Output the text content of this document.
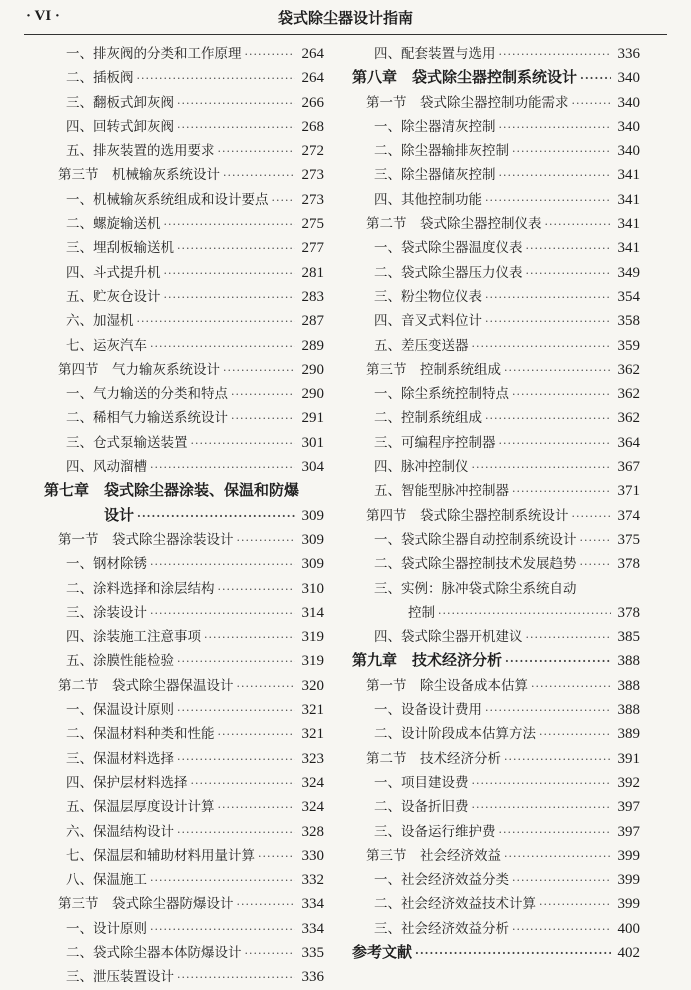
· VI ·	袋式除尘器设计指南
一、排灰阀的分类和工作原理 ·····	264
二、插板阀 ·····	264
三、翻板式卸灰阀 ·····	266
四、回转式卸灰阀 ·····	268
五、排灰装置的选用要求 ·····	272
第三节　机械输灰系统设计 ·····	273
一、机械输灰系统组成和设计要点 ····· 273
二、螺旋输送机 ·····	275
三、埋刮板输送机 ·····	277
四、斗式提升机 ·····	281
五、贮灰仓设计 ·····	283
六、加湿机 ·····	287
七、运灰汽车 ·····	289
第四节　气力输灰系统设计 ·····	290
一、气力输送的分类和特点 ·····	290
二、稀相气力输送系统设计 ·····	291
三、仓式泵输送装置 ·····	301
四、风动溜槽 ·····	304
第七章　袋式除尘器涂装、保温和防爆
设计 ·····	309
第一节　袋式除尘器涂装设计 ·····	309
一、钢材除锈 ·····	309
二、涂料选择和涂层结构 ·····	310
三、涂装设计 ·····	314
四、涂装施工注意事项 ·····	319
五、涂膜性能检验 ·····	319
第二节　袋式除尘器保温设计 ·····	320
一、保温设计原则 ·····	321
二、保温材料种类和性能 ·····	321
三、保温材料选择 ·····	323
四、保护层材料选择 ·····	324
五、保温层厚度设计计算 ·····	324
六、保温结构设计 ·····	328
七、保温层和辅助材料用量计算 ·····	330
八、保温施工 ·····	332
第三节　袋式除尘器防爆设计 ·····	334
一、设计原则 ·····	334
二、袋式除尘器本体防爆设计 ·····	335
三、泄压装置设计 ·····	336
四、配套装置与选用 ·····	336
第八章　袋式除尘器控制系统设计 ·····	340
第一节　袋式除尘器控制功能需求 ·····	340
一、除尘器清灰控制 ·····	340
二、除尘器输排灰控制 ·····	340
三、除尘器储灰控制 ·····	341
四、其他控制功能 ·····	341
第二节　袋式除尘器控制仪表 ·····	341
一、袋式除尘器温度仪表 ·····	341
二、袋式除尘器压力仪表 ·····	349
三、粉尘物位仪表 ·····	354
四、音叉式料位计 ·····	358
五、差压变送器 ·····	359
第三节　控制系统组成 ·····	362
一、除尘系统控制特点 ·····	362
二、控制系统组成 ·····	362
三、可编程序控制器 ·····	364
四、脉冲控制仪 ·····	367
五、智能型脉冲控制器 ·····	371
第四节　袋式除尘器控制系统设计 ·····	374
一、袋式除尘器自动控制系统设计 ·····	375
二、袋式除尘器控制技术发展趋势 ·····	378
三、实例：脉冲袋式除尘系统自动
控制 ·····	378
四、袋式除尘器开机建议 ·····	385
第九章　技术经济分析 ·····	388
第一节　除尘设备成本估算 ·····	388
一、设备设计费用 ·····	388
二、设计阶段成本估算方法 ·····	389
第二节　技术经济分析 ·····	391
一、项目建设费 ·····	392
二、设备折旧费 ·····	397
三、设备运行维护费 ·····	397
第三节　社会经济效益 ·····	399
一、社会经济效益分类 ·····	399
二、社会经济效益技术计算 ·····	399
三、社会经济效益分析 ·····	400
参考文献 ·····	402
